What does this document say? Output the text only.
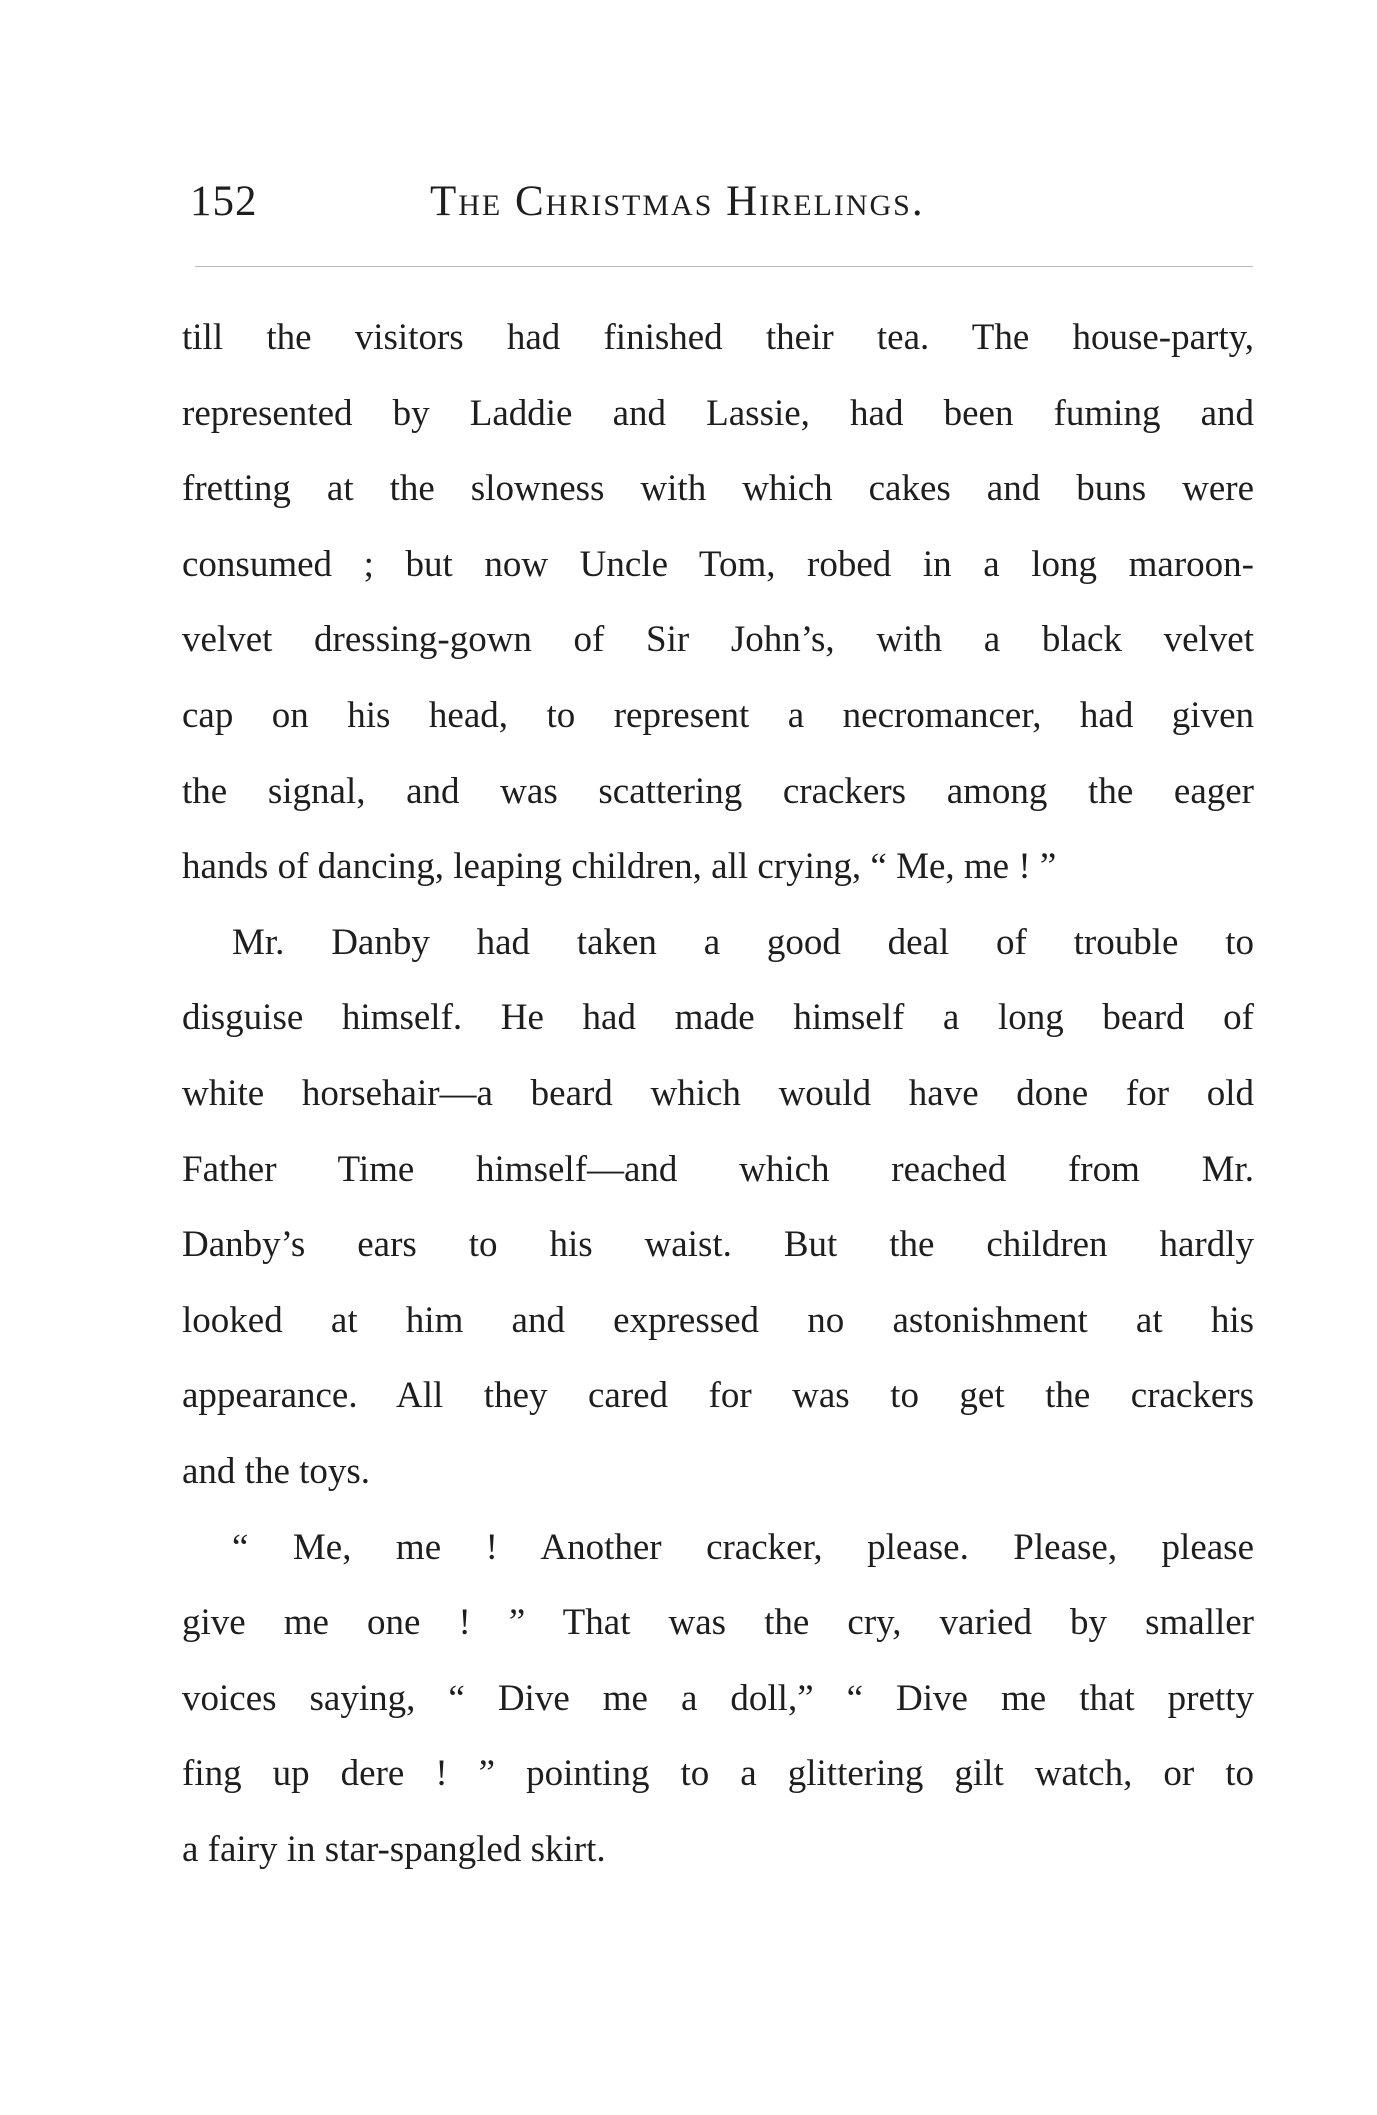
152	The Christmas Hirelings.
till the visitors had finished their tea. The house-party,
represented by Laddie and Lassie, had been fuming and
fretting at the slowness with which cakes and buns were
consumed ; but now Uncle Tom, robed in a long maroon-
velvet dressing-gown of Sir John’s, with a black velvet
cap on his head, to represent a necromancer, had given
the signal, and was scattering crackers among the eager
hands of dancing, leaping children, all crying, “ Me, me ! ”
Mr. Danby had taken a good deal of trouble to
disguise himself. He had made himself a long beard of
white horsehair—a beard which would have done for old
Father Time himself—and which reached from Mr.
Danby’s ears to his waist. But the children hardly
looked at him and expressed no astonishment at his
appearance. All they cared for was to get the crackers
and the toys.
“ Me, me ! Another cracker, please. Please, please
give me one ! ” That was the cry, varied by smaller
voices saying, “ Dive me a doll,” “ Dive me that pretty
fing up dere ! ” pointing to a glittering gilt watch, or to
a fairy in star-spangled skirt.
